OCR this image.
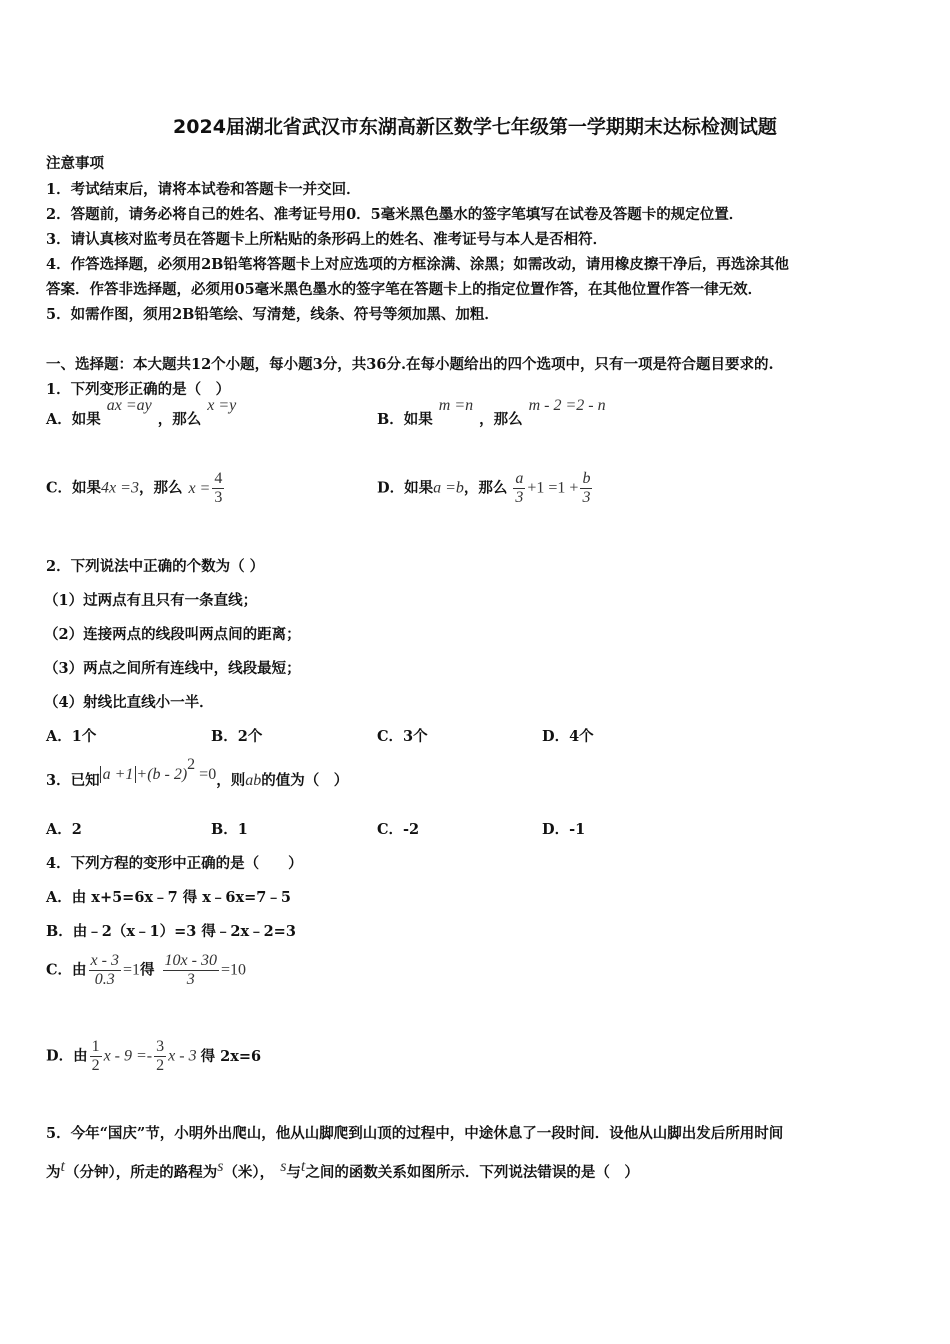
2024届湖北省武汉市东湖高新区数学七年级第一学期期末达标检测试题
注意事项
1．考试结束后，请将本试卷和答题卡一并交回．
2．答题前，请务必将自己的姓名、准考证号用0．5毫米黑色墨水的签字笔填写在试卷及答题卡的规定位置．
3．请认真核对监考员在答题卡上所粘贴的条形码上的姓名、准考证号与本人是否相符．
4．作答选择题，必须用2B铅笔将答题卡上对应选项的方框涂满、涂黑；如需改动，请用橡皮擦干净后，再选涂其他
答案．作答非选择题，必须用05毫米黑色墨水的签字笔在答题卡上的指定位置作答，在其他位置作答一律无效．
5．如需作图，须用2B铅笔绘、写清楚，线条、符号等须加黑、加粗．
一、选择题：本大题共12个小题，每小题3分，共36分.在每小题给出的四个选项中，只有一项是符合题目要求的.
1．下列变形正确的是（　）
A．如果ax =ay，那么x =y
B．如果m =n，那么m - 2 =2 - n
C．如果4x =3，那么 $x = \frac{4}{3}$	D．如果a =b，那么 $\frac{a}{3} +1 =1 + \frac{b}{3}$
2．下列说法中正确的个数为（ ）
（1）过两点有且只有一条直线；
（2）连接两点的线段叫两点间的距离；
（3）两点之间所有连线中，线段最短；
（4）射线比直线小一半．
A．1个	B．2个	C．3个	D．4个
3．已知 a +1 +(b - 2)$^2$=0，则ab的值为（　）
A．2	B．1	C．-2	D．-1
4．下列方程的变形中正确的是（　　）
A．由 x+5=6x﹣7 得 x﹣6x=7﹣5
B．由﹣2（x﹣1）=3 得﹣2x﹣2=3
C．由 $\frac{x - 3}{0.3} =1$得 $\frac{10x - 30}{3} =10$
D．由 $\frac{1}{2}$ $x - 9 =- \frac{3}{2}$ x - 3 得 2x=6
5．今年“国庆”节，小明外出爬山，他从山脚爬到山顶的过程中，中途休息了一段时间．设他从山脚出发后所用时间
为$^t$（分钟），所走的路程为$^s$（米）， $^s$与$^t$之间的函数关系如图所示．下列说法错误的是（　）
